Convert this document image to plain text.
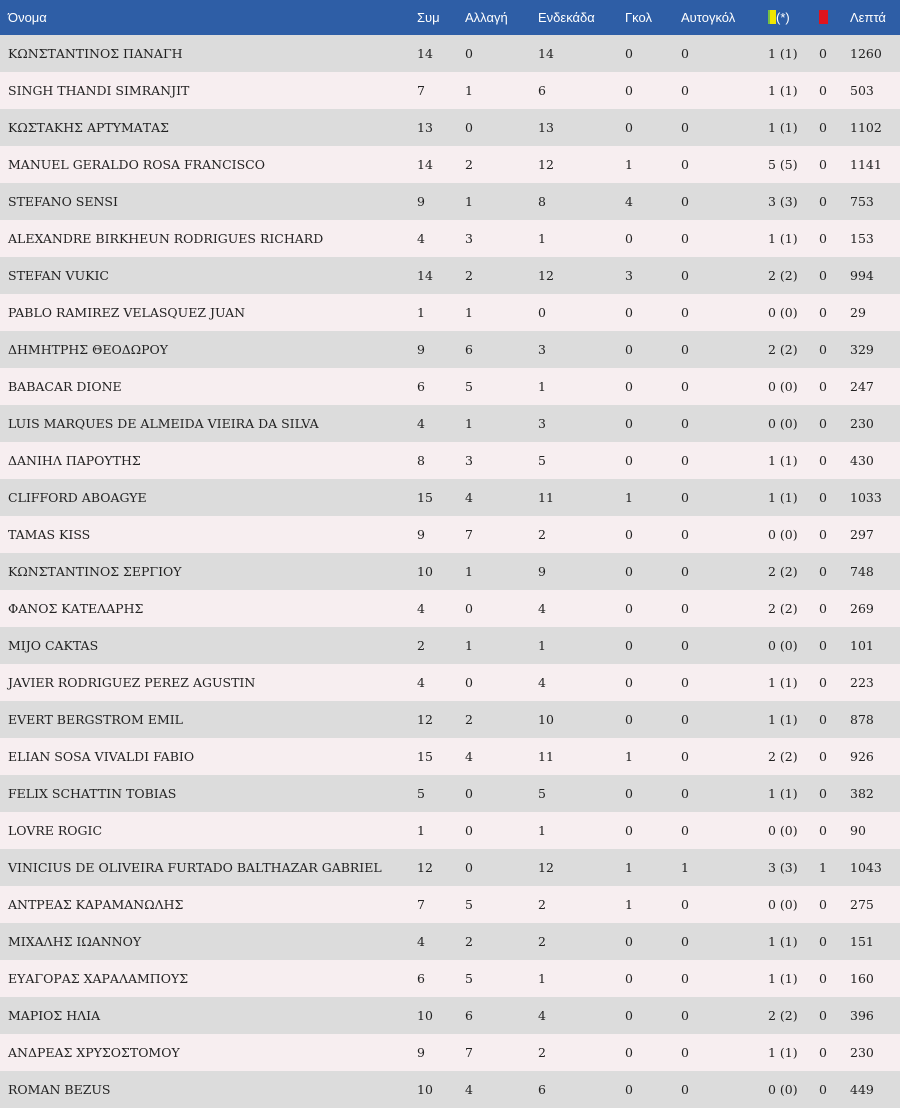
Όνομα	Συμ	Αλλαγή	Ενδεκάδα	Γκολ	Αυτογκόλ	(*)		Λεπτά
ΚΩΝΣΤΑΝΤΙΝΟΣ ΠΑΝΑΓΗ	14	0	14	0	0	1 (1)	0	1260
SINGH THANDI SIMRANJIT	7	1	6	0	0	1 (1)	0	503
ΚΩΣΤΑΚΗΣ ΑΡΤΥΜΑΤΑΣ	13	0	13	0	0	1 (1)	0	1102
MANUEL GERALDO ROSA FRANCISCO	14	2	12	1	0	5 (5)	0	1141
STEFANO SENSI	9	1	8	4	0	3 (3)	0	753
ALEXANDRE BIRKHEUN RODRIGUES RICHARD	4	3	1	0	0	1 (1)	0	153
STEFAN VUKIC	14	2	12	3	0	2 (2)	0	994
PABLO RAMIREZ VELASQUEZ JUAN	1	1	0	0	0	0 (0)	0	29
ΔΗΜΗΤΡΗΣ ΘΕΟΔΩΡΟΥ	9	6	3	0	0	2 (2)	0	329
BABACAR DIONE	6	5	1	0	0	0 (0)	0	247
LUIS MARQUES DE ALMEIDA VIEIRA DA SILVA	4	1	3	0	0	0 (0)	0	230
ΔΑΝΙΗΛ ΠΑΡΟΥΤΗΣ	8	3	5	0	0	1 (1)	0	430
CLIFFORD ABOAGYE	15	4	11	1	0	1 (1)	0	1033
TAMAS KISS	9	7	2	0	0	0 (0)	0	297
ΚΩΝΣΤΑΝΤΙΝΟΣ ΣΕΡΓΙΟΥ	10	1	9	0	0	2 (2)	0	748
ΦΑΝΟΣ ΚΑΤΕΛΑΡΗΣ	4	0	4	0	0	2 (2)	0	269
MIJO CAKTAS	2	1	1	0	0	0 (0)	0	101
JAVIER RODRIGUEZ PEREZ AGUSTIN	4	0	4	0	0	1 (1)	0	223
EVERT BERGSTROM EMIL	12	2	10	0	0	1 (1)	0	878
ELIAN SOSA VIVALDI FABIO	15	4	11	1	0	2 (2)	0	926
FELIX SCHATTIN TOBIAS	5	0	5	0	0	1 (1)	0	382
LOVRE ROGIC	1	0	1	0	0	0 (0)	0	90
VINICIUS DE OLIVEIRA FURTADO BALTHAZAR GABRIEL	12	0	12	1	1	3 (3)	1	1043
ΑΝΤΡΕΑΣ ΚΑΡΑΜΑΝΩΛΗΣ	7	5	2	1	0	0 (0)	0	275
ΜΙΧΑΛΗΣ ΙΩΑΝΝΟΥ	4	2	2	0	0	1 (1)	0	151
ΕΥΑΓΟΡΑΣ ΧΑΡΑΛΑΜΠΟΥΣ	6	5	1	0	0	1 (1)	0	160
ΜΑΡΙΟΣ ΗΛΙΑ	10	6	4	0	0	2 (2)	0	396
ΑΝΔΡΕΑΣ ΧΡΥΣΟΣΤΟΜΟΥ	9	7	2	0	0	1 (1)	0	230
ROMAN BEZUS	10	4	6	0	0	0 (0)	0	449
